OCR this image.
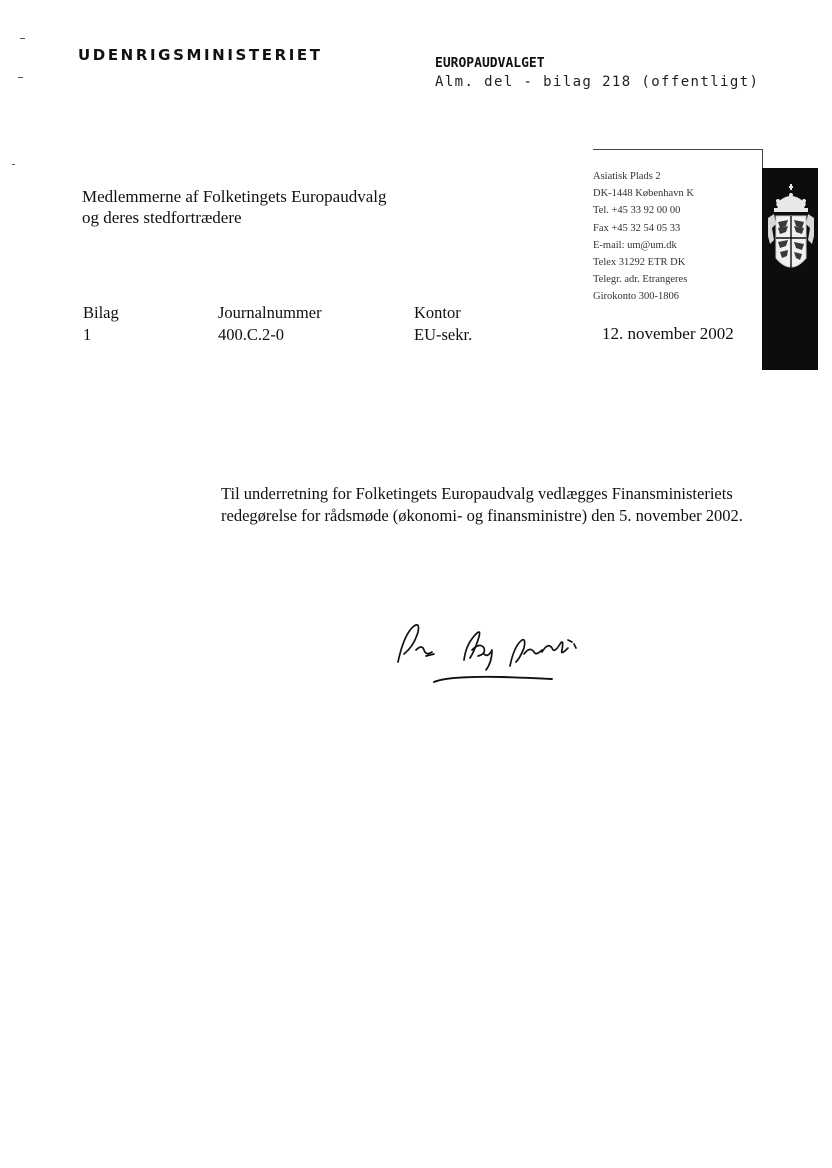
UDENRIGSMINISTERIET	EUROPAUDVALGET
Alm. del - bilag 218 (offentligt)
Medlemmerne af Folketingets Europaudvalg
og deres stedfortrædere
Asiatisk Plads 2
DK-1448 København K
Tel. +45 33 92 00 00
Fax +45 32 54 05 33
E-mail: um@um.dk
Telex 31292 ETR DK
Telegr. adr. Etrangeres
Girokonto 300-1806
Bilag
1
Journalnummer
400.C.2-0
Kontor
EU-sekr.	12. november 2002
Til underretning for Folketingets Europaudvalg vedlægges Finansministeriets redegørelse for rådsmøde (økonomi- og finansministre) den 5. november 2002.
